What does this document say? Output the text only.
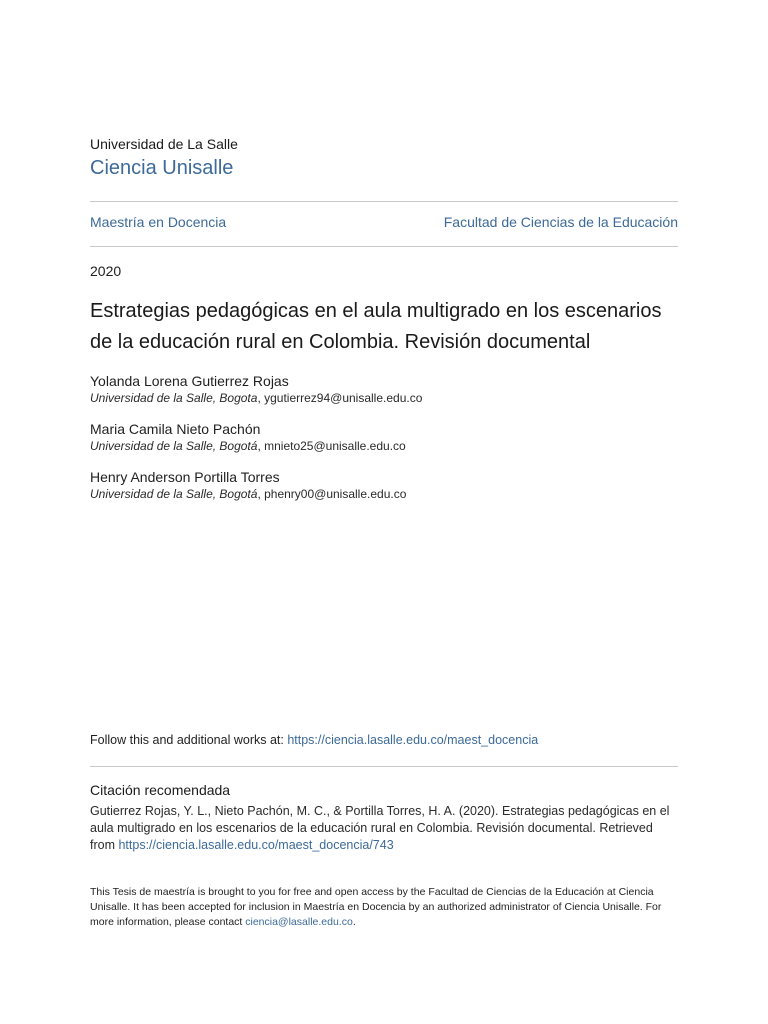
Universidad de La Salle
Ciencia Unisalle
Maestría en Docencia	Facultad de Ciencias de la Educación
2020
Estrategias pedagógicas en el aula multigrado en los escenarios de la educación rural en Colombia. Revisión documental
Yolanda Lorena Gutierrez Rojas
Universidad de la Salle, Bogota, ygutierrez94@unisalle.edu.co
Maria Camila Nieto Pachón
Universidad de la Salle, Bogotá, mnieto25@unisalle.edu.co
Henry Anderson Portilla Torres
Universidad de la Salle, Bogotá, phenry00@unisalle.edu.co
Follow this and additional works at: https://ciencia.lasalle.edu.co/maest_docencia
Citación recomendada
Gutierrez Rojas, Y. L., Nieto Pachón, M. C., & Portilla Torres, H. A. (2020). Estrategias pedagógicas en el aula multigrado en los escenarios de la educación rural en Colombia. Revisión documental. Retrieved from https://ciencia.lasalle.edu.co/maest_docencia/743
This Tesis de maestría is brought to you for free and open access by the Facultad de Ciencias de la Educación at Ciencia Unisalle. It has been accepted for inclusion in Maestría en Docencia by an authorized administrator of Ciencia Unisalle. For more information, please contact ciencia@lasalle.edu.co.
